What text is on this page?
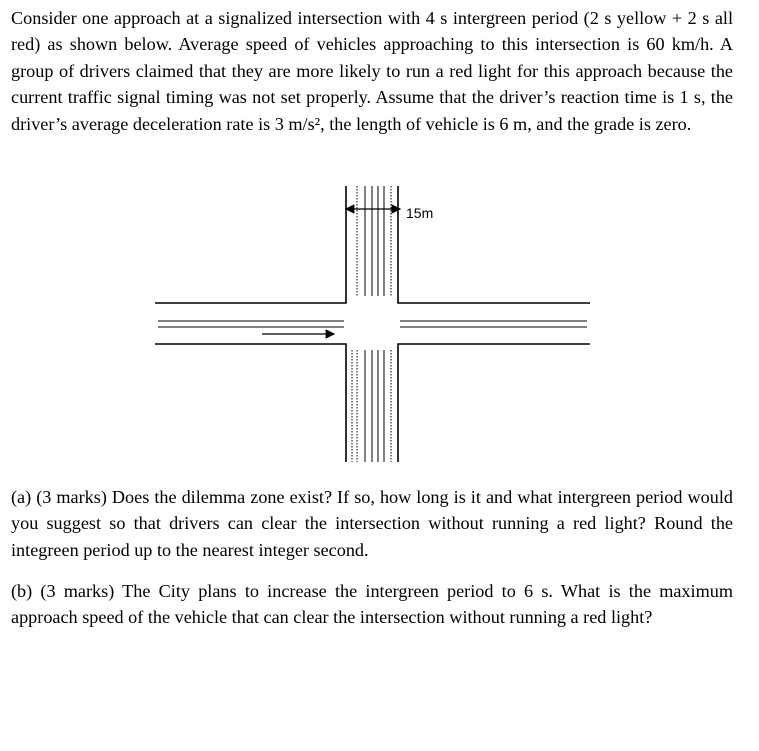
Consider one approach at a signalized intersection with 4 s intergreen period (2 s yellow + 2 s all red) as shown below. Average speed of vehicles approaching to this intersection is 60 km/h. A group of drivers claimed that they are more likely to run a red light for this approach because the current traffic signal timing was not set properly. Assume that the driver’s reaction time is 1 s, the driver’s average deceleration rate is 3 m/s², the length of vehicle is 6 m, and the grade is zero.
15m
(a) (3 marks) Does the dilemma zone exist? If so, how long is it and what intergreen period would you suggest so that drivers can clear the intersection without running a red light? Round the integreen period up to the nearest integer second.
(b) (3 marks) The City plans to increase the intergreen period to 6 s. What is the maximum approach speed of the vehicle that can clear the intersection without running a red light?
